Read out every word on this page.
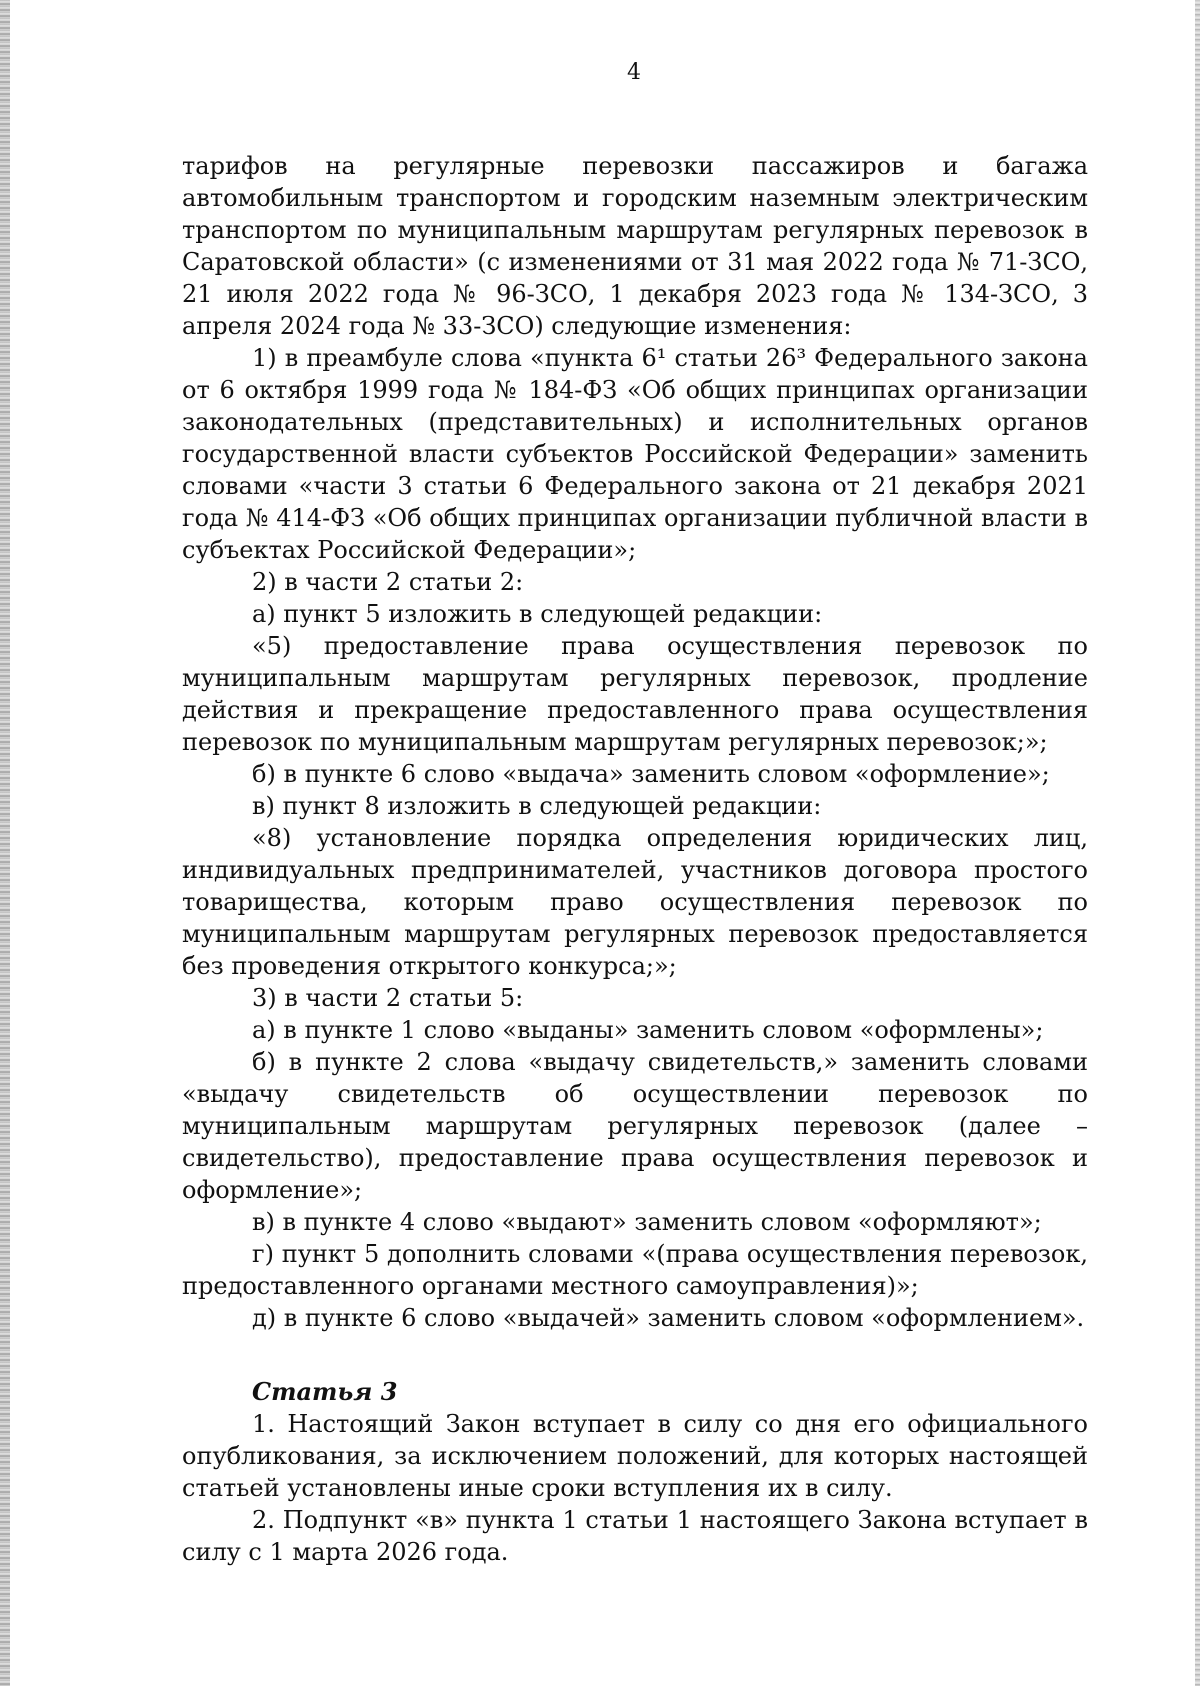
4

тарифов на регулярные перевозки пассажиров и багажа автомобильным транспортом и городским наземным электрическим транспортом по муниципальным маршрутам регулярных перевозок в Саратовской области» (с изменениями от 31 мая 2022 года № 71-ЗСО, 21 июля 2022 года № 96-ЗСО, 1 декабря 2023 года № 134-ЗСО, 3 апреля 2024 года № 33-ЗСО) следующие изменения:

1) в преамбуле слова «пункта 6¹ статьи 26³ Федерального закона от 6 октября 1999 года № 184-ФЗ «Об общих принципах организации законодательных (представительных) и исполнительных органов государственной власти субъектов Российской Федерации» заменить словами «части 3 статьи 6 Федерального закона от 21 декабря 2021 года № 414-ФЗ «Об общих принципах организации публичной власти в субъектах Российской Федерации»;

2) в части 2 статьи 2:

а) пункт 5 изложить в следующей редакции:

«5) предоставление права осуществления перевозок по муниципальным маршрутам регулярных перевозок, продление действия и прекращение предоставленного права осуществления перевозок по муниципальным маршрутам регулярных перевозок;»;

б) в пункте 6 слово «выдача» заменить словом «оформление»;

в) пункт 8 изложить в следующей редакции:

«8) установление порядка определения юридических лиц, индивидуальных предпринимателей, участников договора простого товарищества, которым право осуществления перевозок по муниципальным маршрутам регулярных перевозок предоставляется без проведения открытого конкурса;»;

3) в части 2 статьи 5:

а) в пункте 1 слово «выданы» заменить словом «оформлены»;

б) в пункте 2 слова «выдачу свидетельств,» заменить словами «выдачу свидетельств об осуществлении перевозок по муниципальным маршрутам регулярных перевозок (далее – свидетельство), предоставление права осуществления перевозок и оформление»;

в) в пункте 4 слово «выдают» заменить словом «оформляют»;

г) пункт 5 дополнить словами «(права осуществления перевозок, предоставленного органами местного самоуправления)»;

д) в пункте 6 слово «выдачей» заменить словом «оформлением».

Статья 3

1. Настоящий Закон вступает в силу со дня его официального опубликования, за исключением положений, для которых настоящей статьей установлены иные сроки вступления их в силу.

2. Подпункт «в» пункта 1 статьи 1 настоящего Закона вступает в силу с 1 марта 2026 года.
